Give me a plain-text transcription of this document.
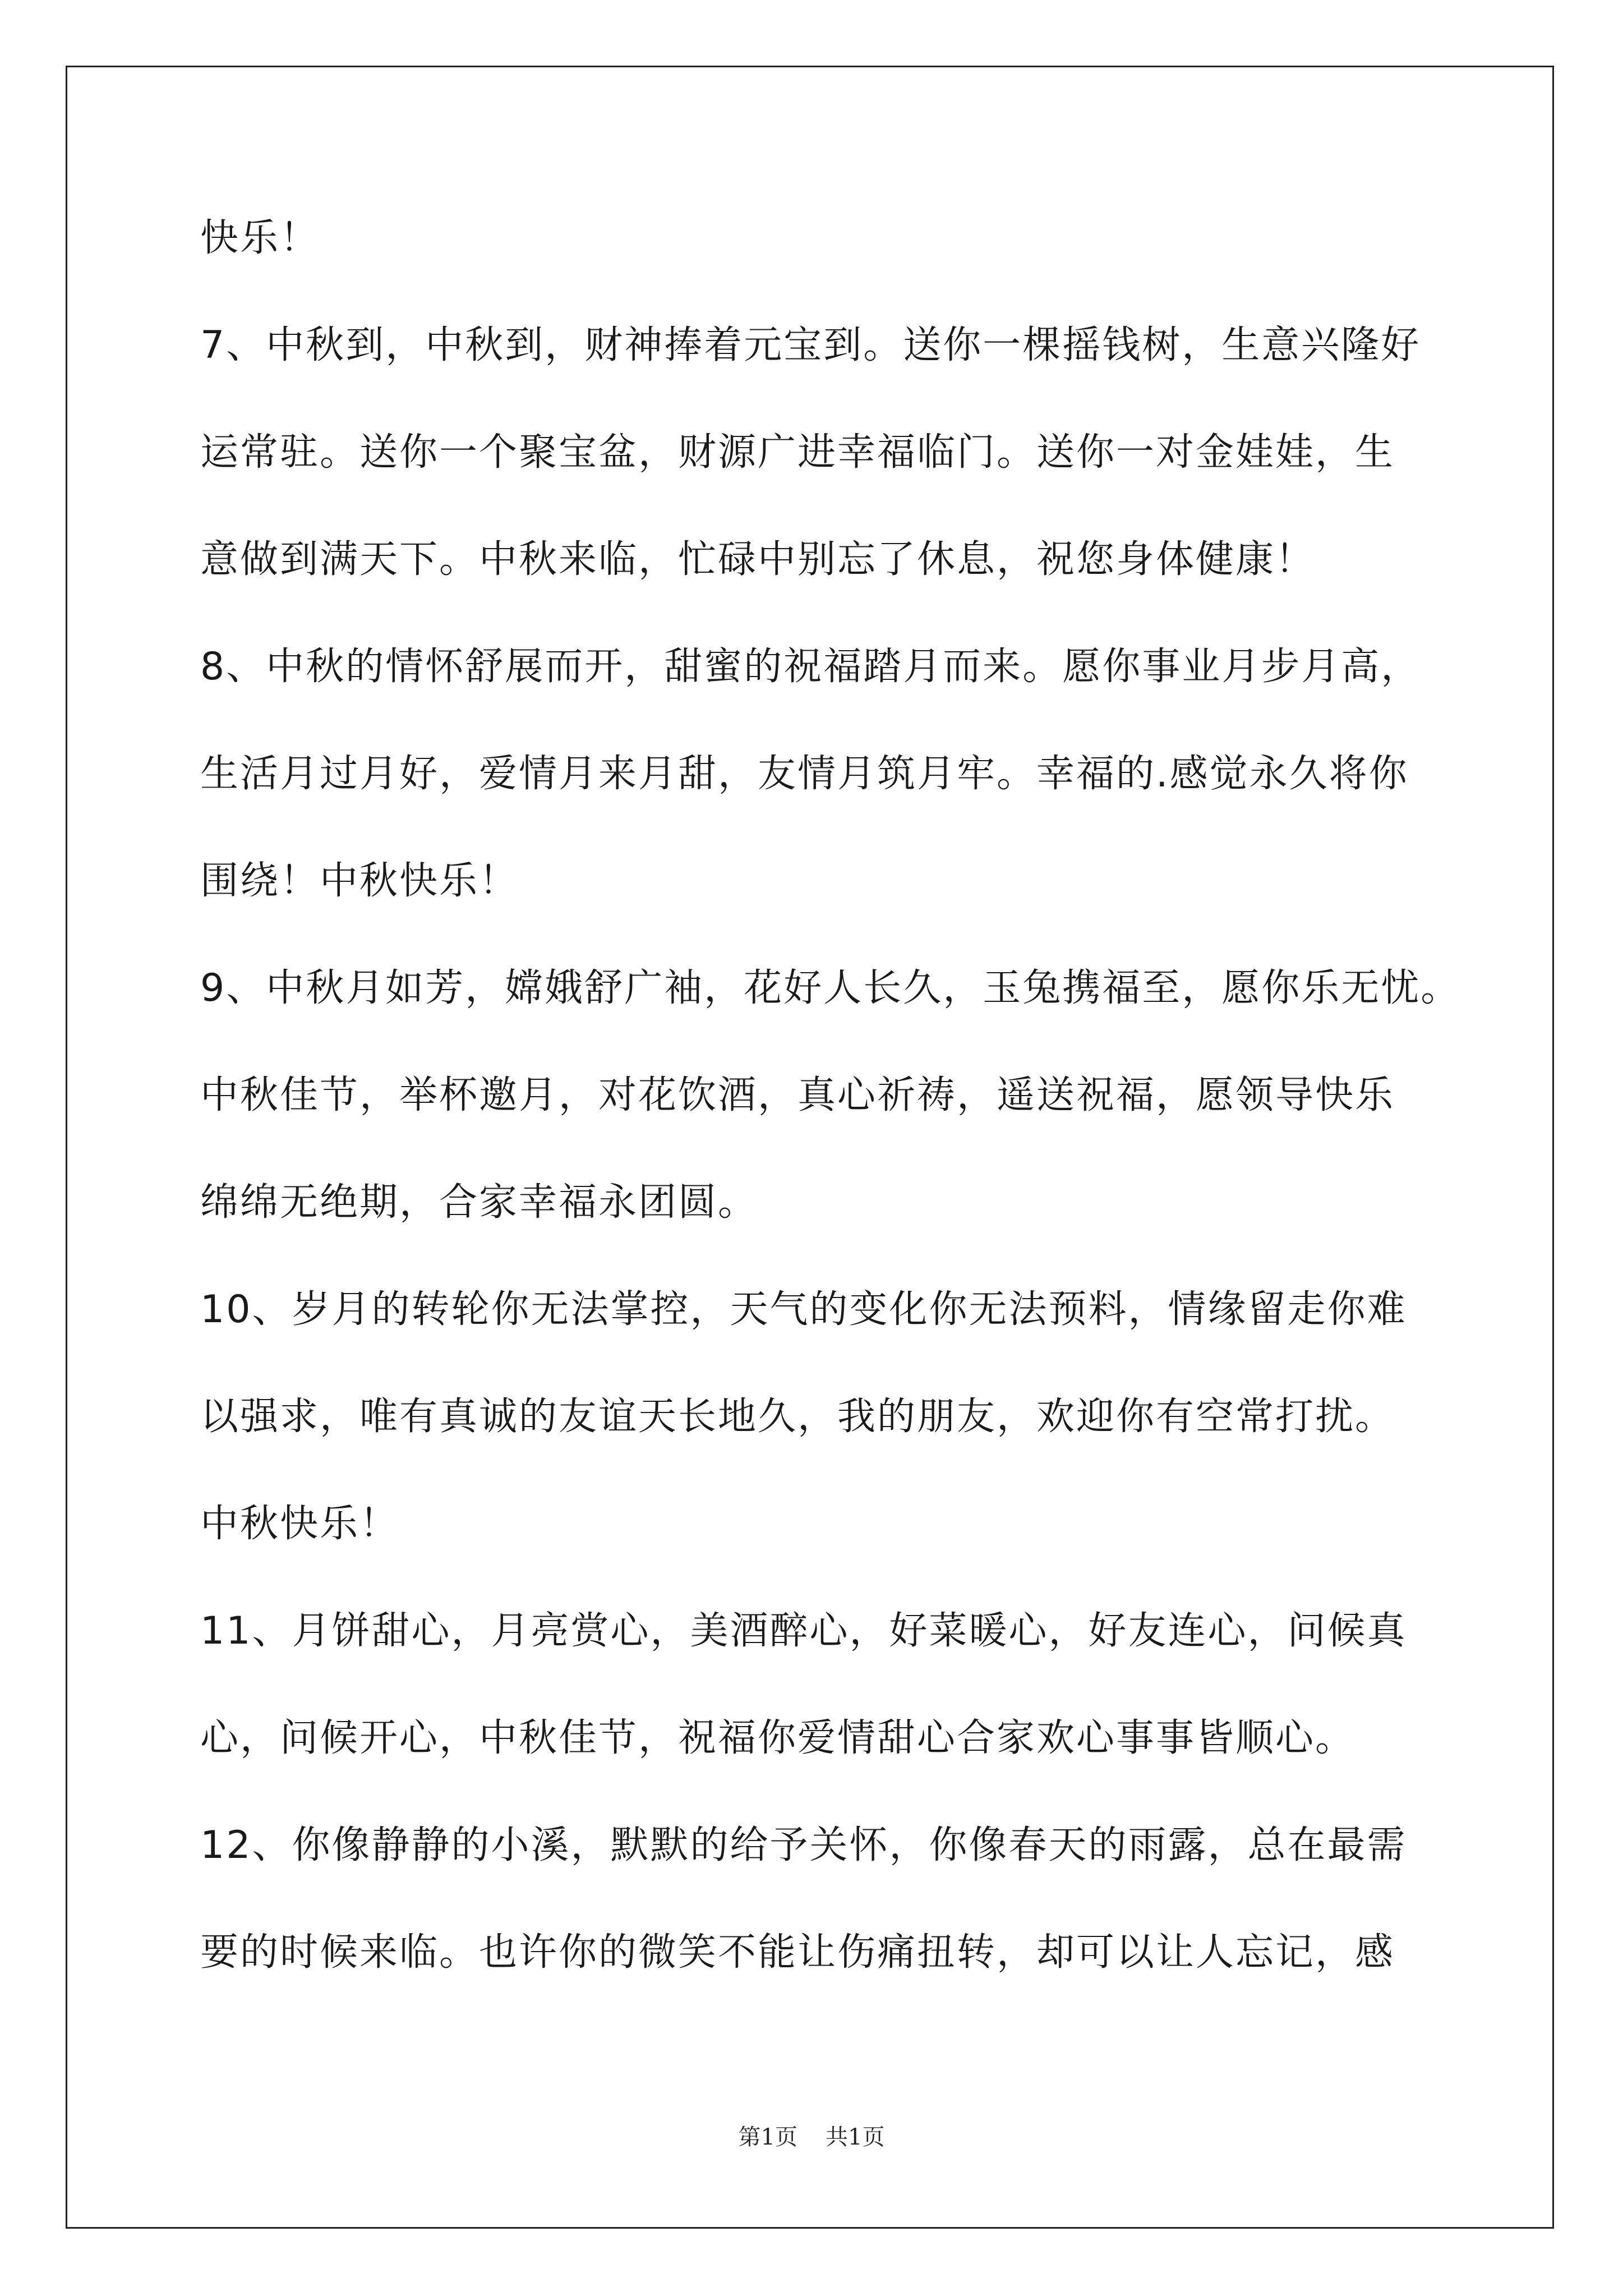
快乐！
7、中秋到，中秋到，财神捧着元宝到。送你一棵摇钱树，生意兴隆好
运常驻。送你一个聚宝盆，财源广进幸福临门。送你一对金娃娃，生
意做到满天下。中秋来临，忙碌中别忘了休息，祝您身体健康！
8、中秋的情怀舒展而开，甜蜜的祝福踏月而来。愿你事业月步月高，
生活月过月好，爱情月来月甜，友情月筑月牢。幸福的.感觉永久将你
围绕！中秋快乐！
9、中秋月如芳，嫦娥舒广袖，花好人长久，玉兔携福至，愿你乐无忧。
中秋佳节，举杯邀月，对花饮酒，真心祈祷，遥送祝福，愿领导快乐
绵绵无绝期，合家幸福永团圆。
10、岁月的转轮你无法掌控，天气的变化你无法预料，情缘留走你难
以强求，唯有真诚的友谊天长地久，我的朋友，欢迎你有空常打扰。
中秋快乐！
11、月饼甜心，月亮赏心，美酒醉心，好菜暖心，好友连心，问候真
心，问候开心，中秋佳节，祝福你爱情甜心合家欢心事事皆顺心。
12、你像静静的小溪，默默的给予关怀，你像春天的雨露，总在最需
要的时候来临。也许你的微笑不能让伤痛扭转，却可以让人忘记，感
第1页 共1页
